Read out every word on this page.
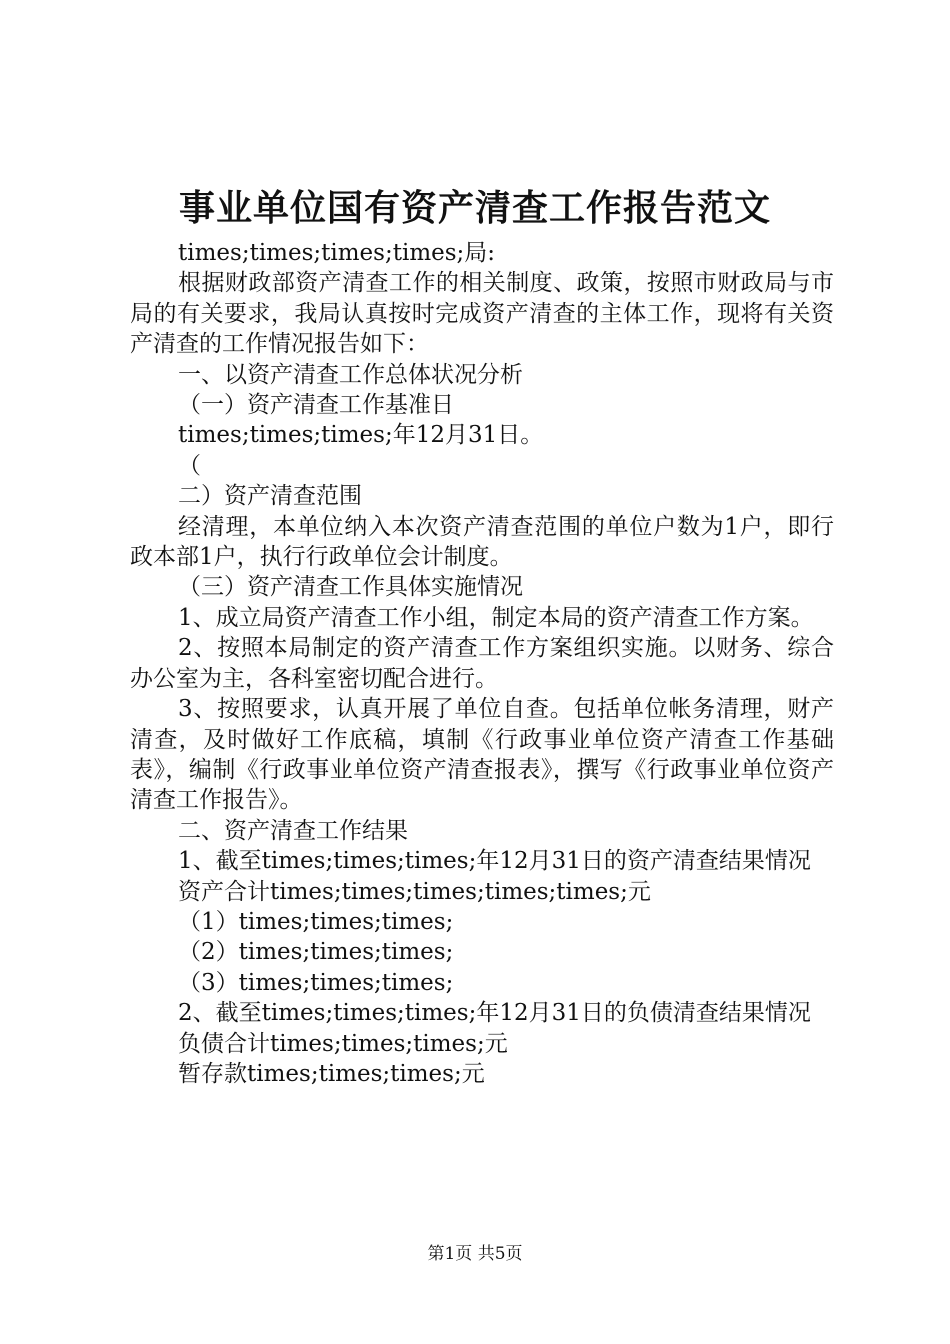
事业单位国有资产清查工作报告范文

times;times;times;times;局:

根据财政部资产清查工作的相关制度、政策，按照市财政局与市局的有关要求，我局认真按时完成资产清查的主体工作，现将有关资产清查的工作情况报告如下：

一、以资产清查工作总体状况分析

（一）资产清查工作基准日

times;times;times;年12月31日。

（

二）资产清查范围

经清理，本单位纳入本次资产清查范围的单位户数为1户，即行政本部1户，执行行政单位会计制度。

（三）资产清查工作具体实施情况

1、成立局资产清查工作小组，制定本局的资产清查工作方案。

2、按照本局制定的资产清查工作方案组织实施。以财务、综合办公室为主，各科室密切配合进行。

3、按照要求，认真开展了单位自查。包括单位帐务清理，财产清查，及时做好工作底稿，填制《行政事业单位资产清查工作基础表》，编制《行政事业单位资产清查报表》，撰写《行政事业单位资产清查工作报告》。

二、资产清查工作结果

1、截至times;times;times;年12月31日的资产清查结果情况

资产合计times;times;times;times;times;元

（1）times;times;times;

（2）times;times;times;

（3）times;times;times;

2、截至times;times;times;年12月31日的负债清查结果情况

负债合计times;times;times;元

暂存款times;times;times;元

第1页 共5页
